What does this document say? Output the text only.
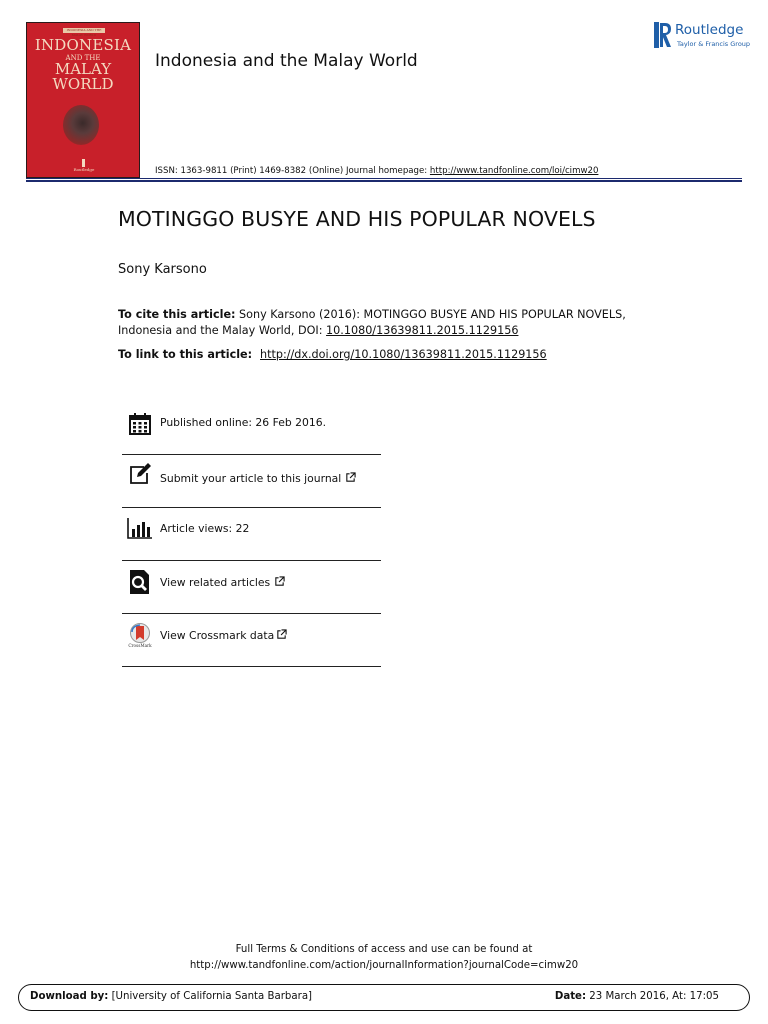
INDONESIA AND THE MALAY WORLD
INDONESIA
AND THE
MALAY
WORLD
Routledge
Indonesia and the Malay World
Routledge
Taylor & Francis Group
ISSN: 1363-9811 (Print) 1469-8382 (Online) Journal homepage: http://www.tandfonline.com/loi/cimw20
MOTINGGO BUSYE AND HIS POPULAR NOVELS
Sony Karsono
To cite this article: Sony Karsono (2016): MOTINGGO BUSYE AND HIS POPULAR NOVELS, Indonesia and the Malay World, DOI: 10.1080/13639811.2015.1129156
To link to this article: http://dx.doi.org/10.1080/13639811.2015.1129156
Published online: 26 Feb 2016.
Submit your article to this journal
Article views: 22
View related articles
CrossMark
View Crossmark data
Full Terms & Conditions of access and use can be found at
http://www.tandfonline.com/action/journalInformation?journalCode=cimw20
Download by: [University of California Santa Barbara]	Date: 23 March 2016, At: 17:05
